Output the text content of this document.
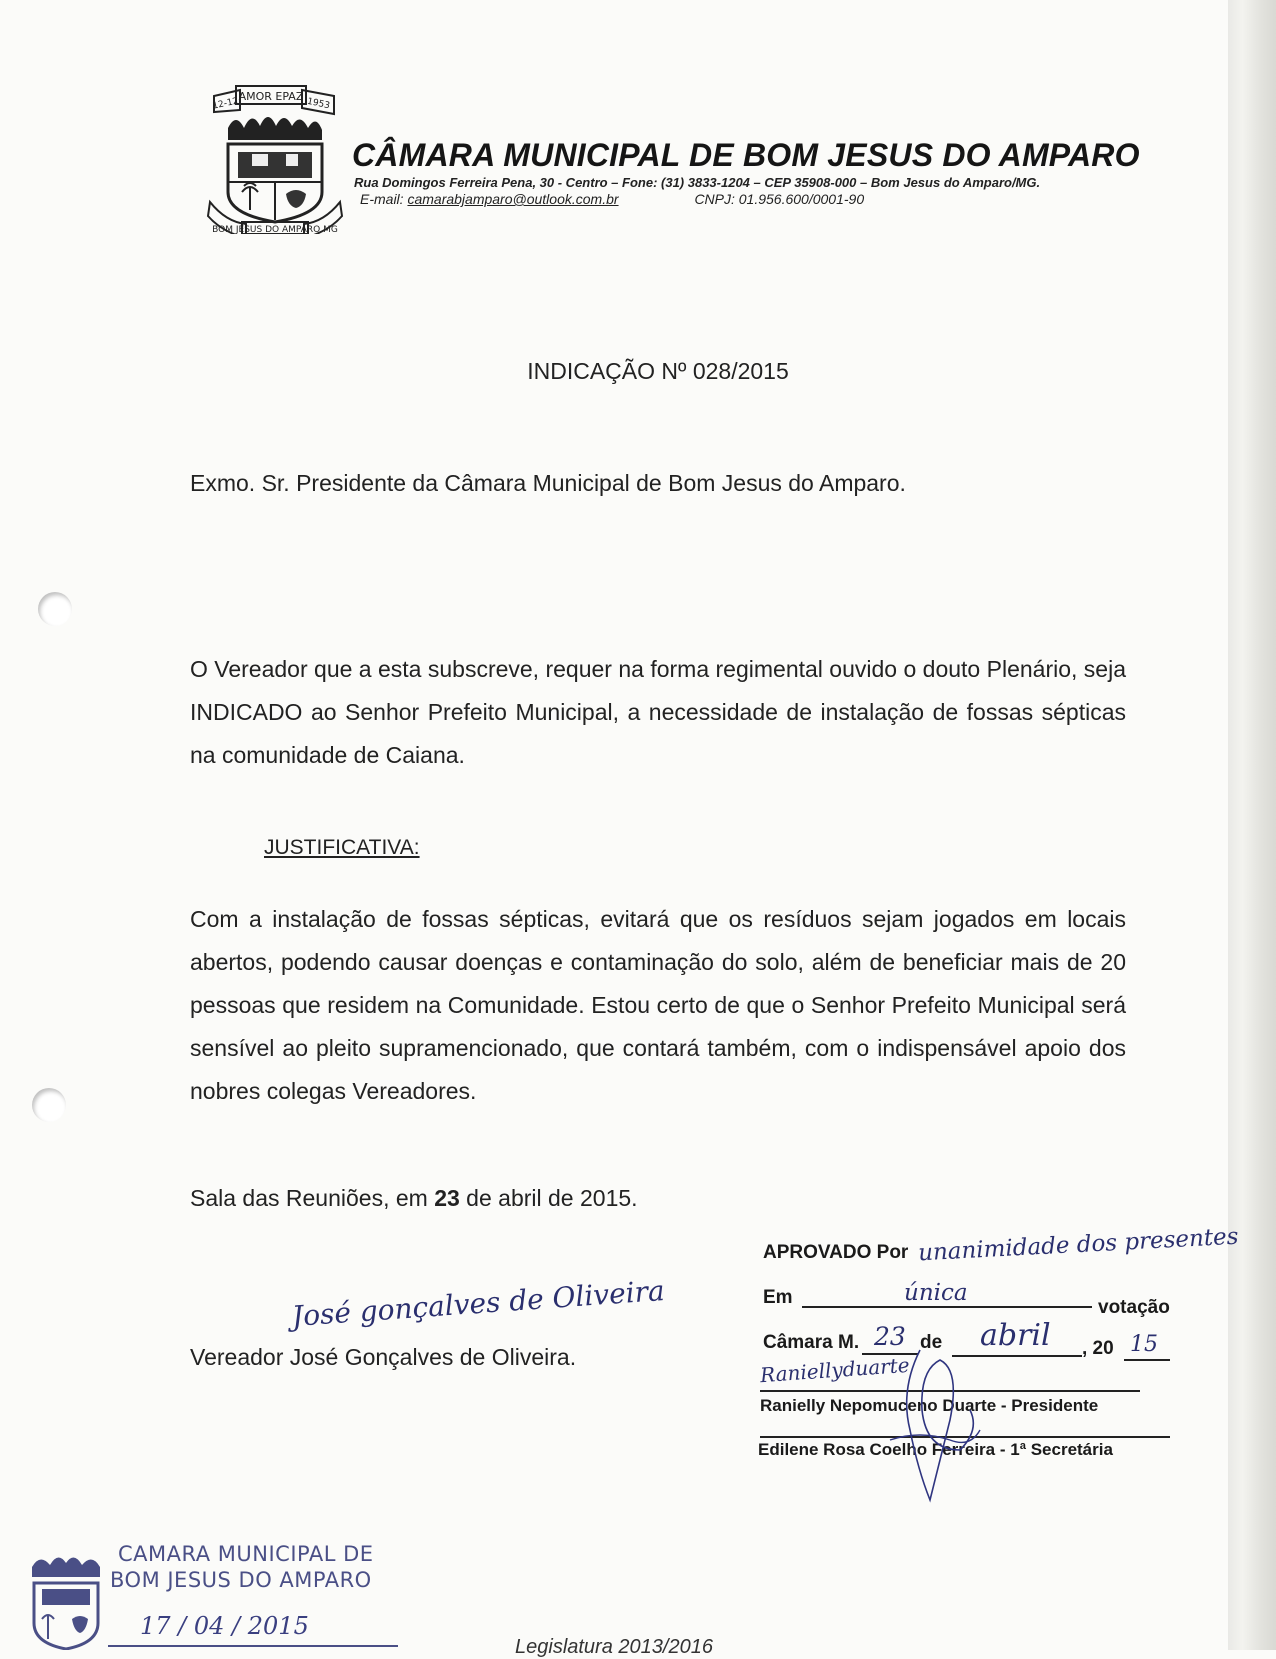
AMOR EPAZ
12-12	1953
BOM JESUS DO AMPARO MG
CÂMARA MUNICIPAL DE BOM JESUS DO AMPARO
Rua Domingos Ferreira Pena, 30 - Centro – Fone: (31) 3833-1204 – CEP 35908-000 – Bom Jesus do Amparo/MG.
E-mail: camarabjamparo@outlook.com.br	CNPJ: 01.956.600/0001-90
INDICAÇÃO Nº 028/2015
Exmo. Sr. Presidente da Câmara Municipal de Bom Jesus do Amparo.
O Vereador que a esta subscreve, requer na forma regimental ouvido o douto Plenário, seja INDICADO ao Senhor Prefeito Municipal, a necessidade de instalação de fossas sépticas na comunidade de Caiana.
JUSTIFICATIVA:
Com a instalação de fossas sépticas, evitará que os resíduos sejam jogados em locais abertos, podendo causar doenças e contaminação do solo, além de beneficiar mais de 20 pessoas que residem na Comunidade. Estou certo de que o Senhor Prefeito Municipal será sensível ao pleito supramencionado, que contará também, com o indispensável apoio dos nobres colegas Vereadores.
Sala das Reuniões, em 23 de abril de 2015.
José gonçalves de Oliveira
Vereador José Gonçalves de Oliveira.
APROVADO Por unanimidade dos presentes
Em	única
votação
Câmara M. 23 de abril , 20 15
Raniellyduarte
Ranielly Nepomuceno Duarte - Presidente
Edilene Rosa Coelho Ferreira - 1ª Secretária
CAMARA MUNICIPAL DE
BOM JESUS DO AMPARO
17 / 04 / 2015
Legislatura 2013/2016
